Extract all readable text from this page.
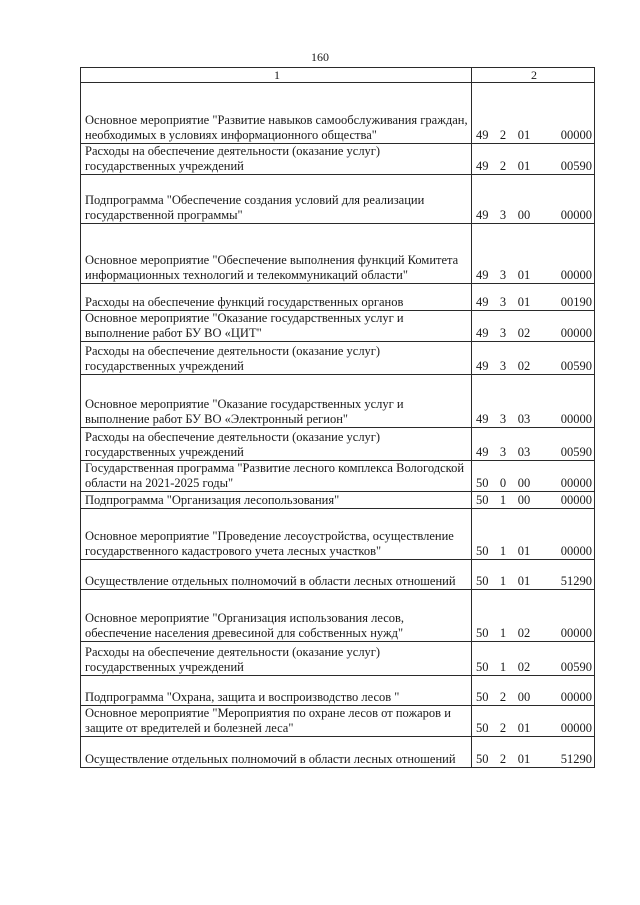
160
1	2
Основное мероприятие "Развитие навыков самообслуживания граждан, необходимых в условиях информационного общества"	49 2 01 00000

Расходы на обеспечение деятельности (оказание услуг) государственных учреждений	49 2 01 00590

Подпрограмма "Обеспечение создания условий для реализации государственной программы"	49 3 00 00000

Основное мероприятие "Обеспечение выполнения функций Комитета информационных технологий и телекоммуникаций области"	49 3 01 00000

Расходы на обеспечение функций государственных органов	49 3 01 00190

Основное мероприятие "Оказание государственных услуг и выполнение работ БУ ВО «ЦИТ"	49 3 02 00000

Расходы на обеспечение деятельности (оказание услуг) государственных учреждений	49 3 02 00590

Основное мероприятие "Оказание государственных услуг и выполнение работ БУ ВО «Электронный регион"	49 3 03 00000

Расходы на обеспечение деятельности (оказание услуг) государственных учреждений	49 3 03 00590

Государственная программа "Развитие лесного комплекса Вологодской области на 2021-2025 годы"	50 0 00 00000

Подпрограмма "Организация лесопользования"	50 1 00 00000

Основное мероприятие "Проведение лесоустройства, осуществление государственного кадастрового учета лесных участков"	50 1 01 00000

Осуществление отдельных полномочий в области лесных отношений	50 1 01 51290

Основное мероприятие "Организация использования лесов, обеспечение населения древесиной для собственных нужд"	50 1 02 00000

Расходы на обеспечение деятельности (оказание услуг) государственных учреждений	50 1 02 00590

Подпрограмма "Охрана, защита и воспроизводство лесов "	50 2 00 00000

Основное мероприятие "Мероприятия по охране лесов от пожаров и защите от вредителей и болезней леса"	50 2 01 00000

Осуществление отдельных полномочий в области лесных отношений	50 2 01 51290
